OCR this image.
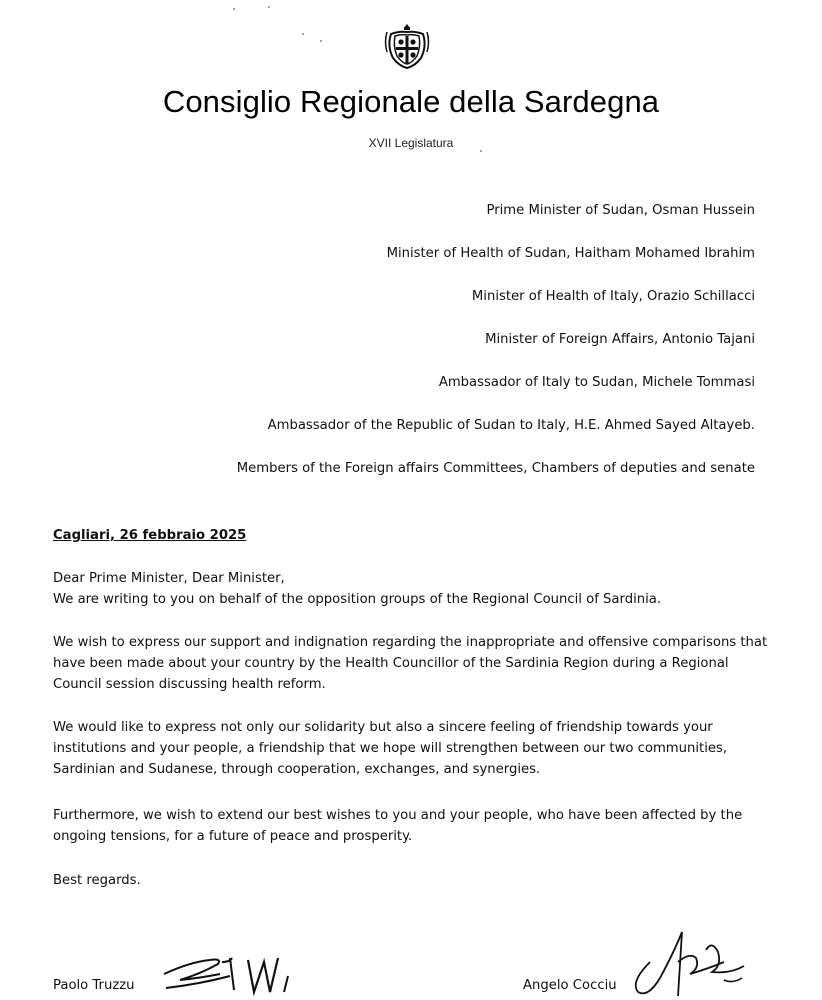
Consiglio Regionale della Sardegna
XVII Legislatura
Prime Minister of Sudan, Osman Hussein
Minister of Health of Sudan, Haitham Mohamed Ibrahim
Minister of Health of Italy, Orazio Schillacci
Minister of Foreign Affairs, Antonio Tajani
Ambassador of Italy to Sudan, Michele Tommasi
Ambassador of the Republic of Sudan to Italy, H.E. Ahmed Sayed Altayeb.
Members of the Foreign affairs Committees, Chambers of deputies and senate
Cagliari, 26 febbraio 2025

Dear Prime Minister, Dear Minister,

We are writing to you on behalf of the opposition groups of the Regional Council of Sardinia.

We wish to express our support and indignation regarding the inappropriate and offensive comparisons that have been made about your country by the Health Councillor of the Sardinia Region during a Regional Council session discussing health reform.

We would like to express not only our solidarity but also a sincere feeling of friendship towards your institutions and your people, a friendship that we hope will strengthen between our two communities, Sardinian and Sudanese, through cooperation, exchanges, and synergies.

Furthermore, we wish to extend our best wishes to you and your people, who have been affected by the ongoing tensions, for a future of peace and prosperity.

Best regards.

Paolo Truzzu	Angelo Cocciu
